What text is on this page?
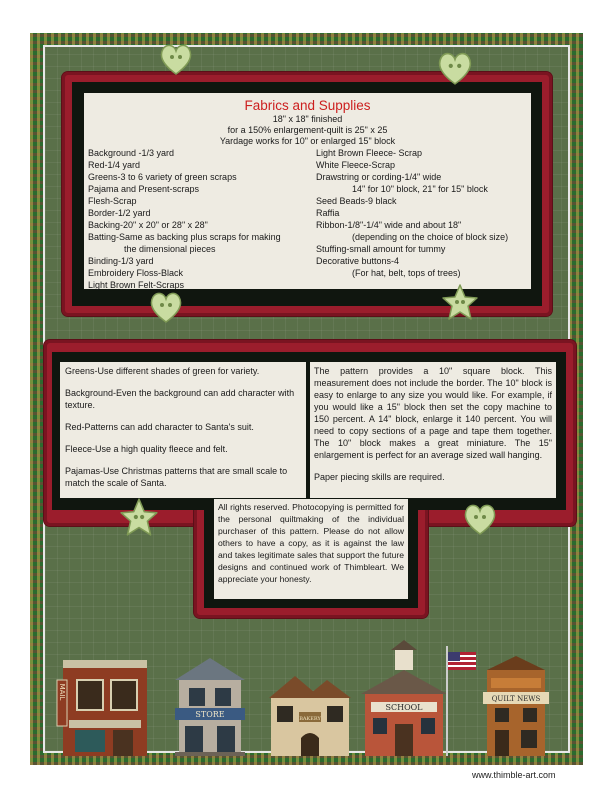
Fabrics and Supplies
18" x 18" finished
for a 150% enlargement-quilt is 25" x 25
Yardage works for 10" or enlarged 15" block
Background -1/3 yard
Red-1/4 yard
Greens-3 to 6 variety of green scraps
Pajama and Present-scraps
Flesh-Scrap
Border-1/2 yard
Backing-20" x 20" or 28" x 28"
Batting-Same as backing plus scraps for making
the dimensional pieces
Binding-1/3 yard
Embroidery Floss-Black
Light Brown Felt-Scraps
Light Brown Fleece- Scrap
White Fleece-Scrap
Drawstring or cording-1/4" wide
14" for 10" block, 21" for 15" block
Seed Beads-9 black
Raffia
Ribbon-1/8"-1/4" wide and about 18"
(depending on the choice of block size)
Stuffing-small amount for tummy
Decorative buttons-4
(For hat, belt, tops of trees)

Greens-Use different shades of green for variety.

Background-Even the background can add character with texture.

Red-Patterns can add character to Santa's suit.

Fleece-Use a high quality fleece and felt.

Pajamas-Use Christmas patterns that are small scale to match the scale of Santa.

The pattern provides a 10" square block. This measurement does not include the border. The 10" block is easy to enlarge to any size you would like. For example, if you would like a 15" block then set the copy machine to 150 percent. A 14" block, enlarge it 140 percent. You will need to copy sections of a page and tape them together. The 10" block makes a great miniature. The 15" enlargement is perfect for an average sized wall hanging.

Paper piecing skills are required.

All rights reserved. Photocopying is permitted for the personal quiltmaking of the individual purchaser of this pattern. Please do not allow others to have a copy, as it is against the law and takes legitimate sales that support the future designs and continued work of Thimbleart. We appreciate your honesty.
MAIL
STORE	BAKERY
SCHOOL
QUILT NEWS
www.thimble-art.com
